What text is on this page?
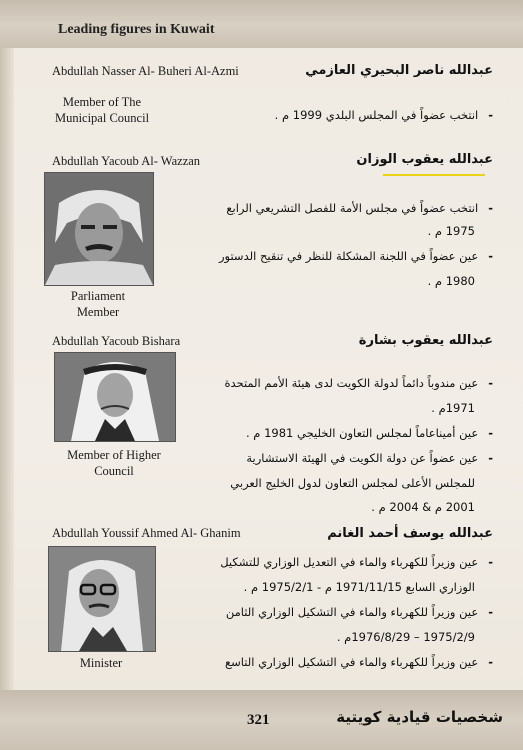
Leading figures in Kuwait
Abdullah Nasser Al- Buheri Al-Azmi	عبدالله ناصر البحيري العازمي
Member of The
Municipal Council	-انتخب عضواً في المجلس البلدي 1999 م .
Abdullah Yacoub Al- Wazzan	عبدالله يعقوب الوزان
Parliament
Member
-انتخب عضواً في مجلس الأمة للفصل التشريعي الرابع
1975 م .
-عين عضواً في اللجنة المشكلة للنظر في تنقيح الدستور
1980 م .
Abdullah Yacoub Bishara	عبدالله يعقوب بشارة
Member of Higher
Council
-عين مندوباً دائماً لدولة الكويت لدى هيئة الأمم المتحدة
1971م .
-عين أميناعاماً لمجلس التعاون الخليجي 1981 م .
-عين عضواً عن دولة الكويت في الهيئة الاستشارية
للمجلس الأعلى لمجلس التعاون لدول الخليج العربي
2001 م & 2004 م .
Abdullah Youssif Ahmed Al- Ghanim	عبدالله يوسف أحمد الغانم
Minister
-عين وزيراً للكهرباء والماء في التعديل الوزاري للتشكيل
الوزاري السابع 1971/11/15 م - 1975/2/1 م .
-عين وزيراً للكهرباء والماء في التشكيل الوزاري الثامن
1975/2/9 – 1976/8/29م .
-عين وزيراً للكهرباء والماء في التشكيل الوزاري التاسع
321	شخصيات قيادية كويتية
